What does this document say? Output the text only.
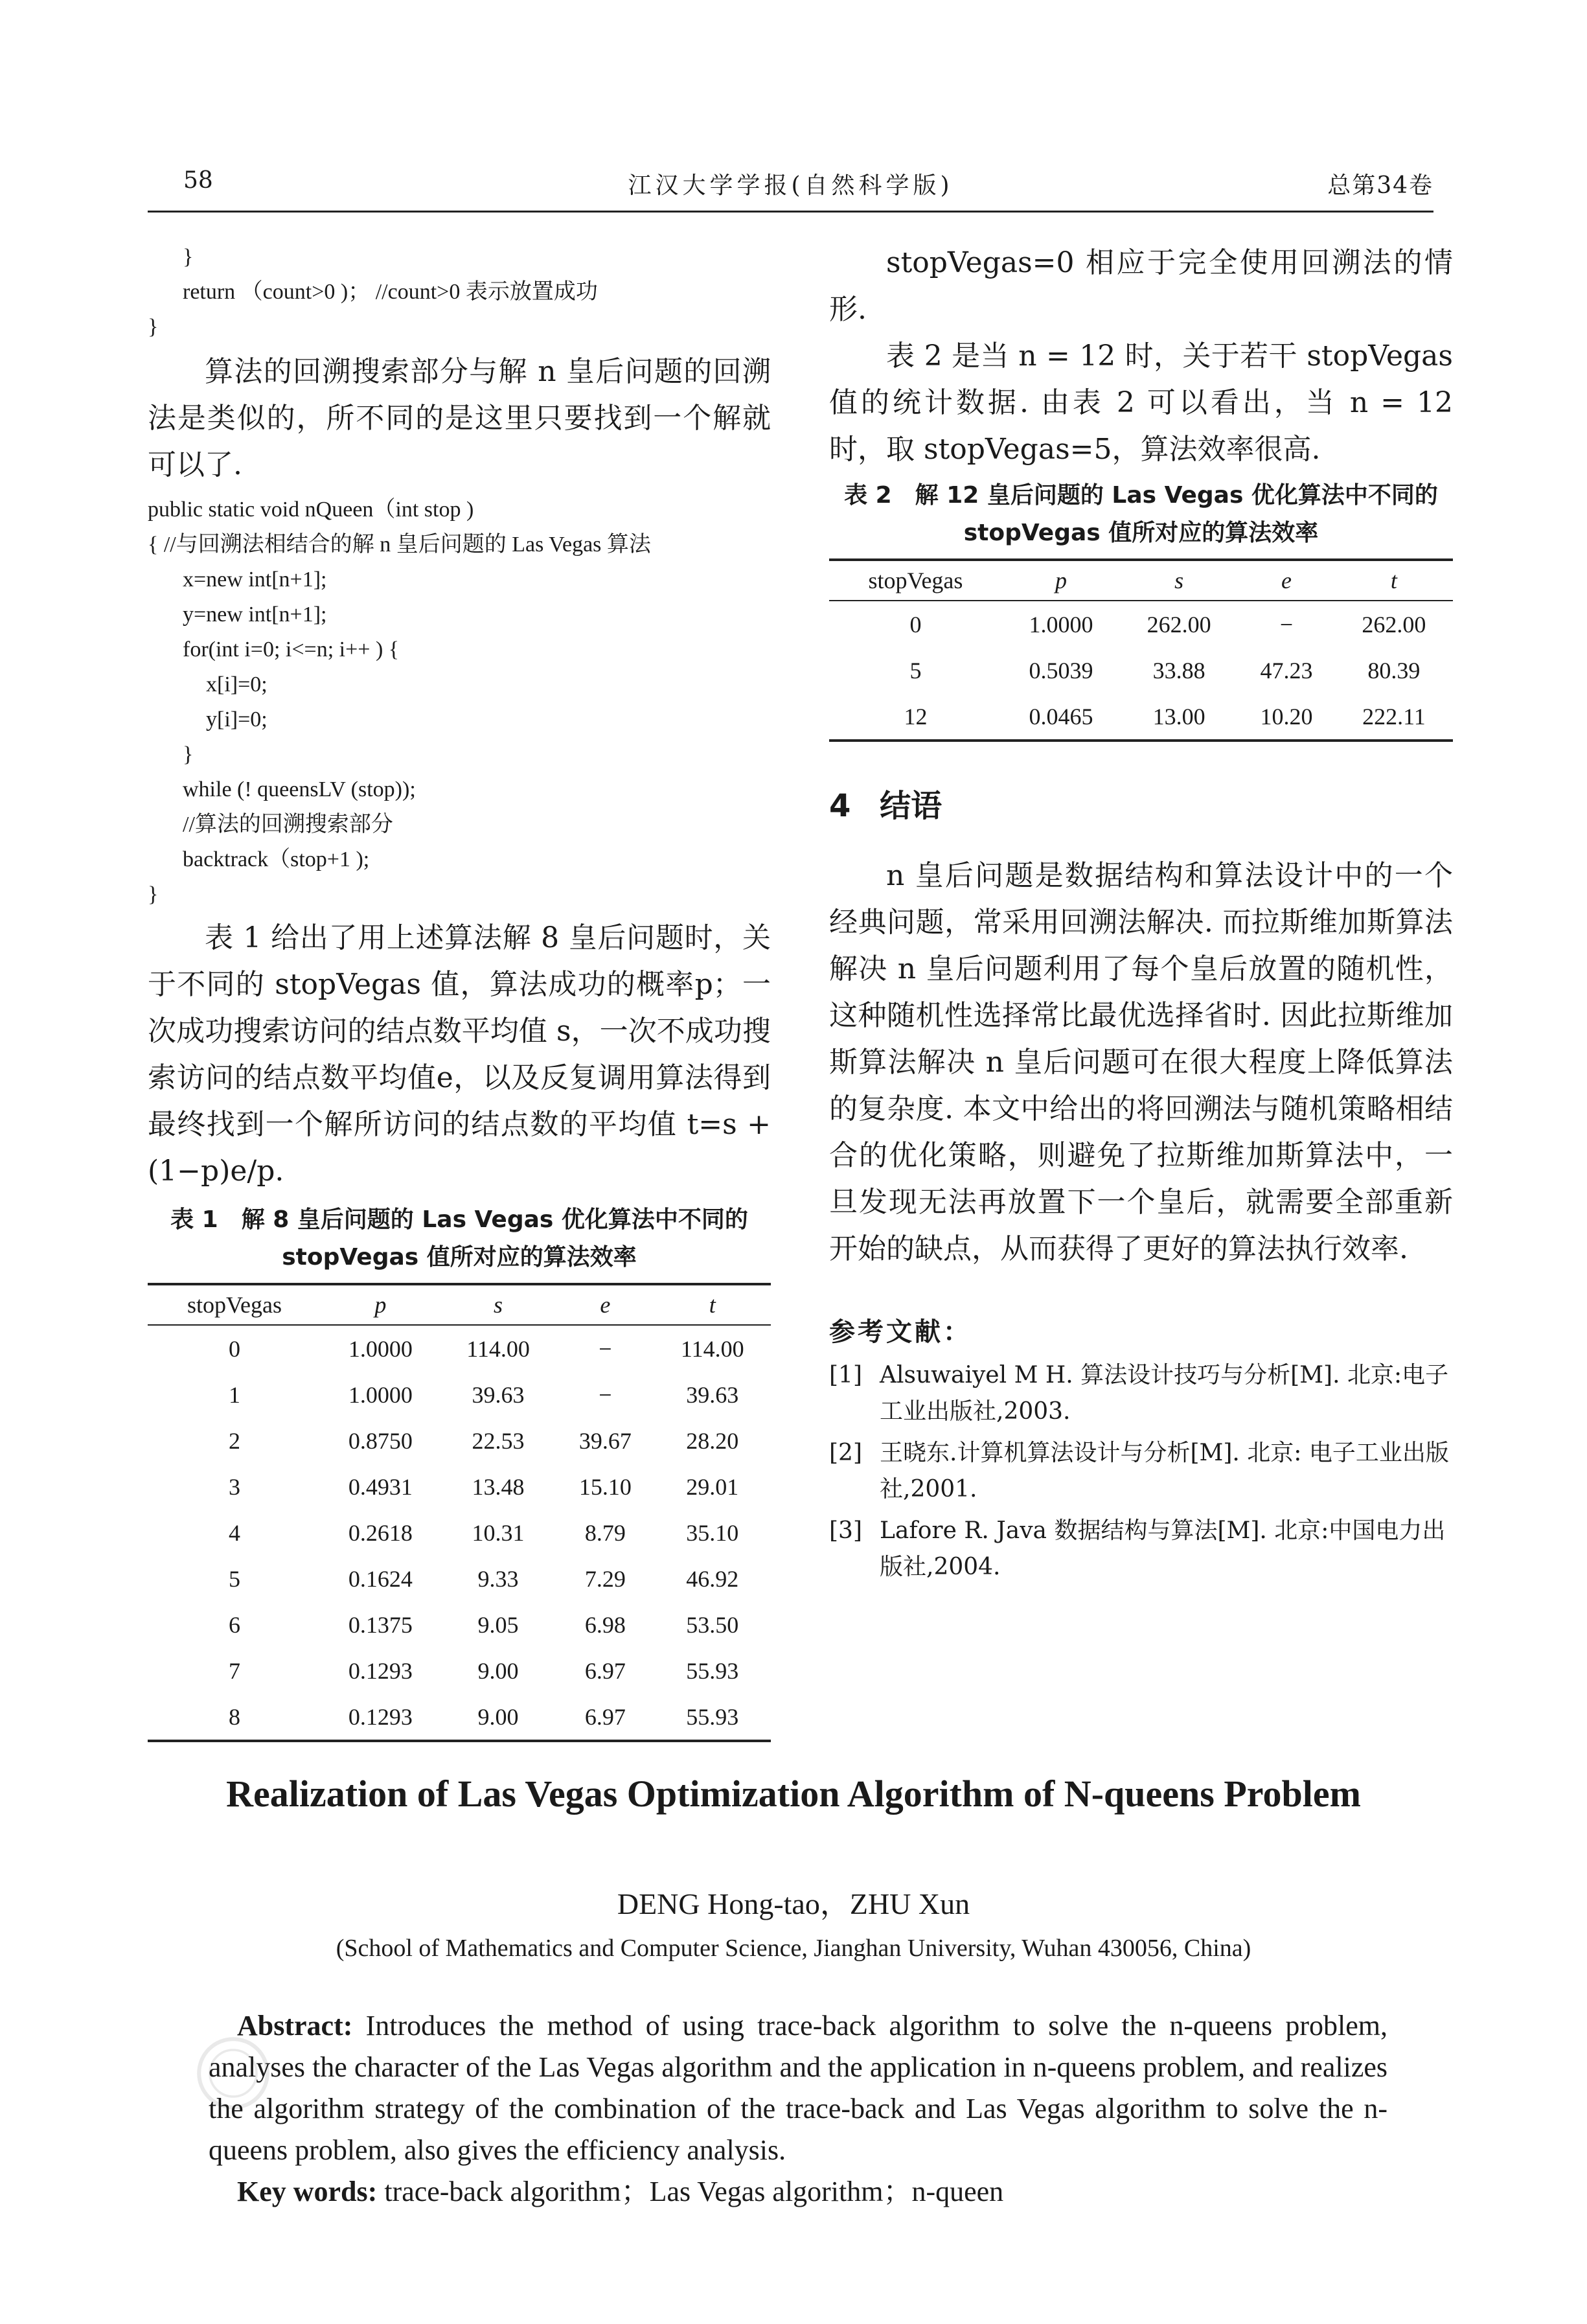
58	江汉大学学报(自然科学版)	总第34卷
}
return （count>0 )； //count>0 表示放置成功
}
算法的回溯搜索部分与解 n 皇后问题的回溯法是类似的，所不同的是这里只要找到一个解就可以了.
public static void nQueen（int stop )
{ //与回溯法相结合的解 n 皇后问题的 Las Vegas 算法
x=new int[n+1];
y=new int[n+1];
for(int i=0; i<=n; i++ ) {
x[i]=0;
y[i]=0;
}
while (! queensLV (stop));
//算法的回溯搜索部分
backtrack（stop+1 );
}
表 1 给出了用上述算法解 8 皇后问题时，关于不同的 stopVegas 值，算法成功的概率p；一次成功搜索访问的结点数平均值 s，一次不成功搜索访问的结点数平均值e，以及反复调用算法得到最终找到一个解所访问的结点数的平均值 t=s + (1−p)e/p.
表 1　解 8 皇后问题的 Las Vegas 优化算法中不同的
stopVegas 值所对应的算法效率
stopVegas	p	s	e	t
0	1.0000	114.00	−	114.00
1	1.0000	39.63	−	39.63
2	0.8750	22.53	39.67	28.20
3	0.4931	13.48	15.10	29.01
4	0.2618	10.31	8.79	35.10
5	0.1624	9.33	7.29	46.92
6	0.1375	9.05	6.98	53.50
7	0.1293	9.00	6.97	55.93
8	0.1293	9.00	6.97	55.93
stopVegas=0 相应于完全使用回溯法的情形.
表 2 是当 n = 12 时，关于若干 stopVegas 值的统计数据. 由表 2 可以看出，当 n = 12 时，取 stopVegas=5，算法效率很高.
表 2　解 12 皇后问题的 Las Vegas 优化算法中不同的
stopVegas 值所对应的算法效率
stopVegas	p	s	e	t
0	1.0000	262.00	−	262.00
5	0.5039	33.88	47.23	80.39
12	0.0465	13.00	10.20	222.11
4 结语
n 皇后问题是数据结构和算法设计中的一个经典问题，常采用回溯法解决. 而拉斯维加斯算法解决 n 皇后问题利用了每个皇后放置的随机性，这种随机性选择常比最优选择省时. 因此拉斯维加斯算法解决 n 皇后问题可在很大程度上降低算法的复杂度. 本文中给出的将回溯法与随机策略相结合的优化策略，则避免了拉斯维加斯算法中，一旦发现无法再放置下一个皇后，就需要全部重新开始的缺点，从而获得了更好的算法执行效率.
参考文献：
[1] Alsuwaiyel M H. 算法设计技巧与分析[M]. 北京:电子工业出版社,2003.
[2] 王晓东.计算机算法设计与分析[M]. 北京: 电子工业出版社,2001.
[3] Lafore R. Java 数据结构与算法[M]. 北京:中国电力出版社,2004.
Realization of Las Vegas Optimization Algorithm of N-queens Problem
DENG Hong-tao，ZHU Xun
(School of Mathematics and Computer Science, Jianghan University, Wuhan 430056, China)
Abstract: Introduces the method of using trace-back algorithm to solve the n-queens problem, analyses the character of the Las Vegas algorithm and the application in n-queens problem, and realizes the algorithm strategy of the combination of the trace-back and Las Vegas algorithm to solve the n-queens problem, also gives the efficiency analysis.
Key words: trace-back algorithm；Las Vegas algorithm；n-queen
